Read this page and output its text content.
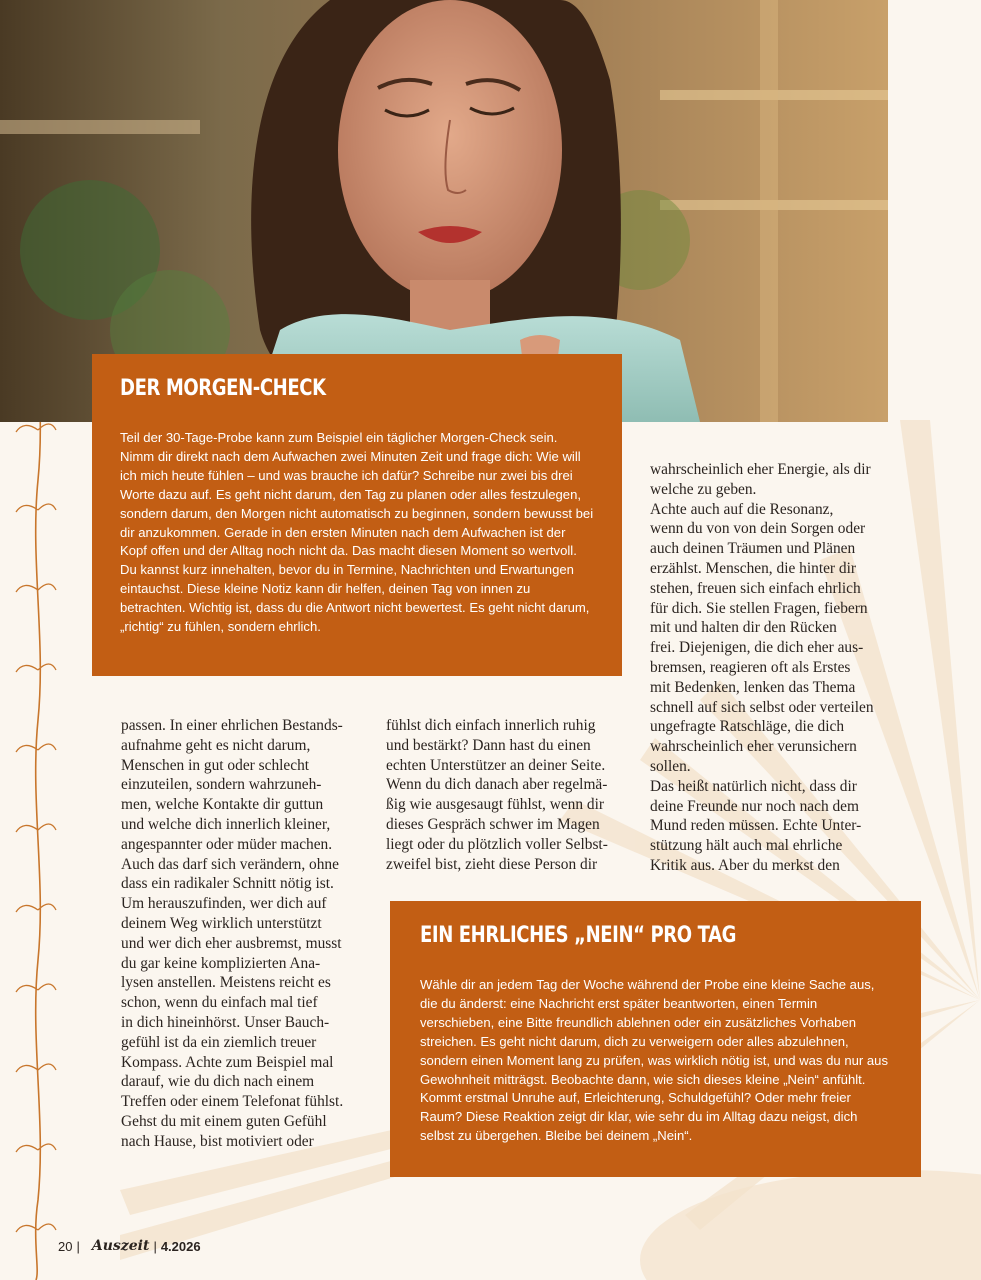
DER MORGEN-CHECK

Teil der 30-Tage-Probe kann zum Beispiel ein täglicher Morgen-Check sein. Nimm dir direkt nach dem Aufwachen zwei Minuten Zeit und frage dich: Wie will ich mich heute fühlen – und was brauche ich dafür? Schreibe nur zwei bis drei Worte dazu auf. Es geht nicht darum, den Tag zu planen oder alles festzulegen, sondern darum, den Morgen nicht automatisch zu beginnen, sondern bewusst bei dir anzukommen. Gerade in den ersten Minuten nach dem Aufwachen ist der Kopf offen und der Alltag noch nicht da. Das macht diesen Moment so wertvoll. Du kannst kurz innehalten, bevor du in Termine, Nachrichten und Erwartungen eintauchst. Diese kleine Notiz kann dir helfen, deinen Tag von innen zu betrachten. Wichtig ist, dass du die Antwort nicht bewertest. Es geht nicht darum, „richtig“ zu fühlen, sondern ehrlich.

passen. In einer ehrlichen Bestands-
aufnahme geht es nicht darum,
Menschen in gut oder schlecht
einzuteilen, sondern wahrzuneh-
men, welche Kontakte dir guttun
und welche dich innerlich kleiner,
angespannter oder müder machen.
Auch das darf sich verändern, ohne
dass ein radikaler Schnitt nötig ist.
Um herauszufinden, wer dich auf
deinem Weg wirklich unterstützt
und wer dich eher ausbremst, musst
du gar keine komplizierten Ana-
lysen anstellen. Meistens reicht es
schon, wenn du einfach mal tief
in dich hineinhörst. Unser Bauch-
gefühl ist da ein ziemlich treuer
Kompass. Achte zum Beispiel mal
darauf, wie du dich nach einem
Treffen oder einem Telefonat fühlst.
Gehst du mit einem guten Gefühl
nach Hause, bist motiviert oder
fühlst dich einfach innerlich ruhig
und bestärkt? Dann hast du einen
echten Unterstützer an deiner Seite.
Wenn du dich danach aber regelmä-
ßig wie ausgesaugt fühlst, wenn dir
dieses Gespräch schwer im Magen
liegt oder du plötzlich voller Selbst-
zweifel bist, zieht diese Person dir
wahrscheinlich eher Energie, als dir
welche zu geben.
Achte auch auf die Resonanz,
wenn du von von dein Sorgen oder
auch deinen Träumen und Plänen
erzählst. Menschen, die hinter dir
stehen, freuen sich einfach ehrlich
für dich. Sie stellen Fragen, fiebern
mit und halten dir den Rücken
frei. Diejenigen, die dich eher aus-
bremsen, reagieren oft als Erstes
mit Bedenken, lenken das Thema
schnell auf sich selbst oder verteilen
ungefragte Ratschläge, die dich
wahrscheinlich eher verunsichern
sollen.
Das heißt natürlich nicht, dass dir
deine Freunde nur noch nach dem
Mund reden müssen. Echte Unter-
stützung hält auch mal ehrliche
Kritik aus. Aber du merkst den
EIN EHRLICHES „NEIN“ PRO TAG

Wähle dir an jedem Tag der Woche während der Probe eine kleine Sache aus, die du änderst: eine Nachricht erst später beantworten, einen Termin verschieben, eine Bitte freundlich ablehnen oder ein zusätzliches Vorhaben streichen. Es geht nicht darum, dich zu verweigern oder alles abzulehnen, sondern einen Moment lang zu prüfen, was wirklich nötig ist, und was du nur aus Gewohnheit mitträgst. Beobachte dann, wie sich dieses kleine „Nein“ anfühlt. Kommt erstmal Unruhe auf, Erleichterung, Schuldgefühl? Oder mehr freier Raum? Diese Reaktion zeigt dir klar, wie sehr du im Alltag dazu neigst, dich selbst zu übergehen. Bleibe bei deinem „Nein“.

20 | Auszeit | 4.2026
